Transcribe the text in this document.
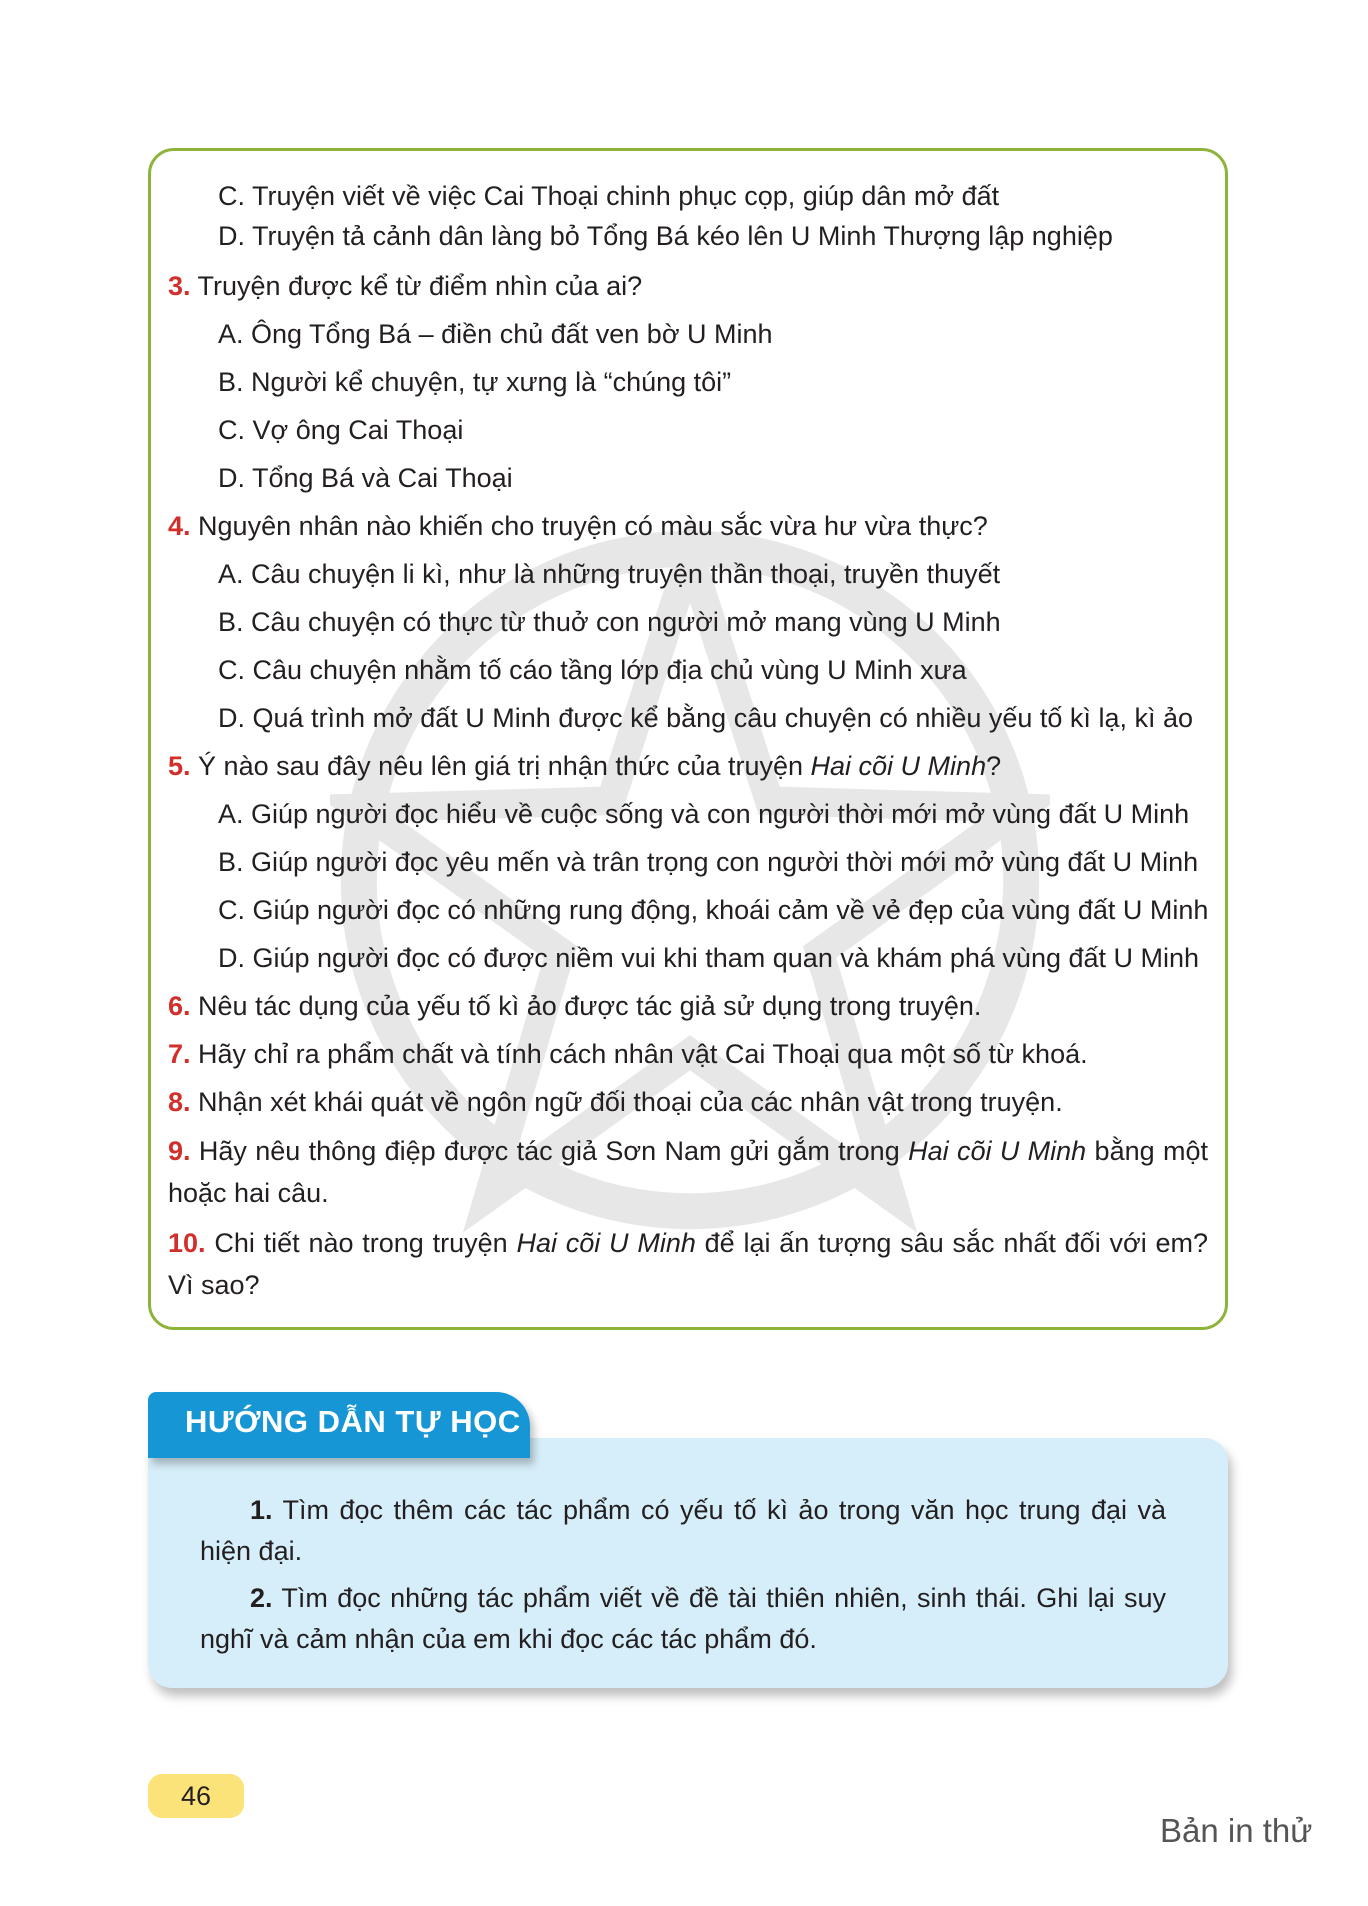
C. Truyện viết về việc Cai Thoại chinh phục cọp, giúp dân mở đất
D. Truyện tả cảnh dân làng bỏ Tổng Bá kéo lên U Minh Thượng lập nghiệp
3. Truyện được kể từ điểm nhìn của ai?
A. Ông Tổng Bá – điền chủ đất ven bờ U Minh
B. Người kể chuyện, tự xưng là “chúng tôi”
C. Vợ ông Cai Thoại
D. Tổng Bá và Cai Thoại
4. Nguyên nhân nào khiến cho truyện có màu sắc vừa hư vừa thực?
A. Câu chuyện li kì, như là những truyện thần thoại, truyền thuyết
B. Câu chuyện có thực từ thuở con người mở mang vùng U Minh
C. Câu chuyện nhằm tố cáo tầng lớp địa chủ vùng U Minh xưa
D. Quá trình mở đất U Minh được kể bằng câu chuyện có nhiều yếu tố kì lạ, kì ảo
5. Ý nào sau đây nêu lên giá trị nhận thức của truyện Hai cõi U Minh?
A. Giúp người đọc hiểu về cuộc sống và con người thời mới mở vùng đất U Minh
B. Giúp người đọc yêu mến và trân trọng con người thời mới mở vùng đất U Minh
C. Giúp người đọc có những rung động, khoái cảm về vẻ đẹp của vùng đất U Minh
D. Giúp người đọc có được niềm vui khi tham quan và khám phá vùng đất U Minh
6. Nêu tác dụng của yếu tố kì ảo được tác giả sử dụng trong truyện.
7. Hãy chỉ ra phẩm chất và tính cách nhân vật Cai Thoại qua một số từ khoá.
8. Nhận xét khái quát về ngôn ngữ đối thoại của các nhân vật trong truyện.
9. Hãy nêu thông điệp được tác giả Sơn Nam gửi gắm trong Hai cõi U Minh bằng một hoặc hai câu.
10. Chi tiết nào trong truyện Hai cõi U Minh để lại ấn tượng sâu sắc nhất đối với em? Vì sao?
HƯỚNG DẪN TỰ HỌC
1. Tìm đọc thêm các tác phẩm có yếu tố kì ảo trong văn học trung đại và hiện đại.
2. Tìm đọc những tác phẩm viết về đề tài thiên nhiên, sinh thái. Ghi lại suy nghĩ và cảm nhận của em khi đọc các tác phẩm đó.
46
Bản in thử
